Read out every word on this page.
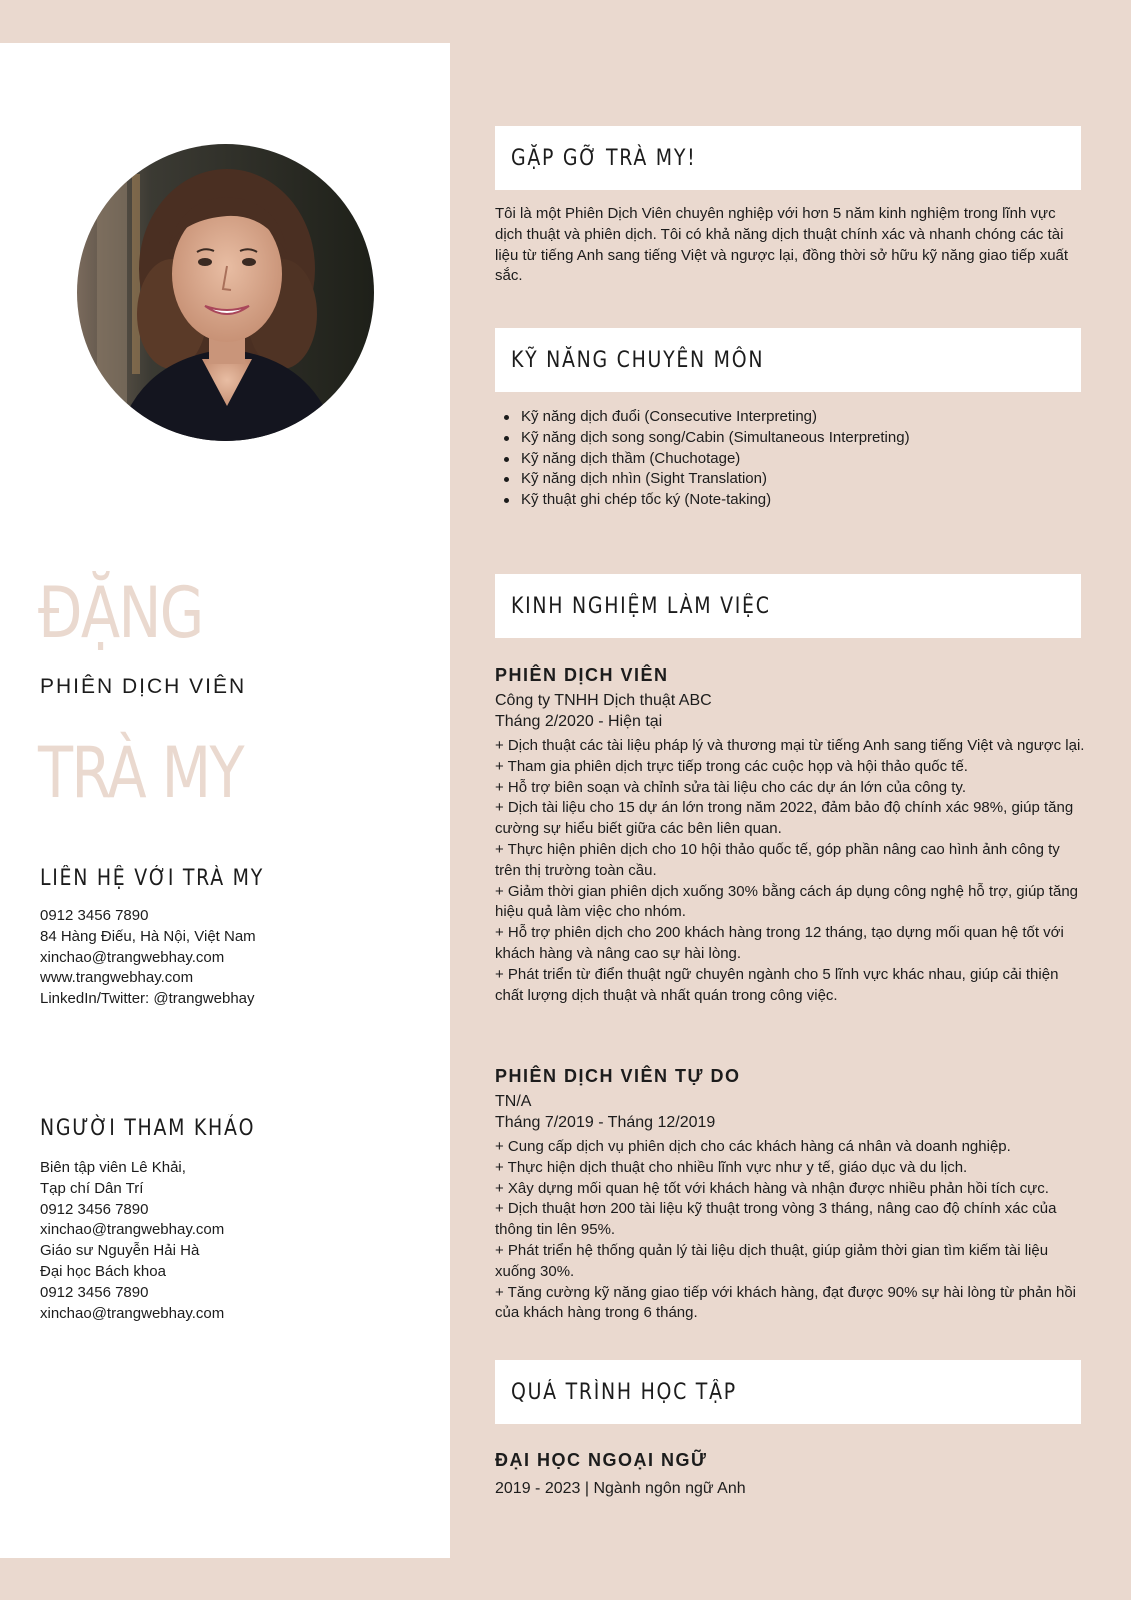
ĐẶNG

TRÀ MY

PHIÊN DỊCH VIÊN
LIÊN HỆ VỚI TRÀ MY
0912 3456 7890
84 Hàng Điếu, Hà Nội, Việt Nam
xinchao@trangwebhay.com
www.trangwebhay.com
LinkedIn/Twitter: @trangwebhay
NGƯỜI THAM KHẢO
Biên tập viên Lê Khải,
Tạp chí Dân Trí
0912 3456 7890
xinchao@trangwebhay.com
Giáo sư Nguyễn Hải Hà
Đại học Bách khoa
0912 3456 7890
xinchao@trangwebhay.com
GẶP GỠ TRÀ MY!
Tôi là một Phiên Dịch Viên chuyên nghiệp với hơn 5 năm kinh nghiệm trong lĩnh vực dịch thuật và phiên dịch. Tôi có khả năng dịch thuật chính xác và nhanh chóng các tài liệu từ tiếng Anh sang tiếng Việt và ngược lại, đồng thời sở hữu kỹ năng giao tiếp xuất sắc.
KỸ NĂNG CHUYÊN MÔN
Kỹ năng dịch đuổi (Consecutive Interpreting)
Kỹ năng dịch song song/Cabin (Simultaneous Interpreting)
Kỹ năng dịch thầm (Chuchotage)
Kỹ năng dịch nhìn (Sight Translation)
Kỹ thuật ghi chép tốc ký (Note-taking)
KINH NGHIỆM LÀM VIỆC
PHIÊN DỊCH VIÊN
Công ty TNHH Dịch thuật ABC
Tháng 2/2020 - Hiện tại
+ Dịch thuật các tài liệu pháp lý và thương mại từ tiếng Anh sang tiếng Việt và ngược lại.
+ Tham gia phiên dịch trực tiếp trong các cuộc họp và hội thảo quốc tế.
+ Hỗ trợ biên soạn và chỉnh sửa tài liệu cho các dự án lớn của công ty.
+ Dịch tài liệu cho 15 dự án lớn trong năm 2022, đảm bảo độ chính xác 98%, giúp tăng cường sự hiểu biết giữa các bên liên quan.
+ Thực hiện phiên dịch cho 10 hội thảo quốc tế, góp phần nâng cao hình ảnh công ty trên thị trường toàn cầu.
+ Giảm thời gian phiên dịch xuống 30% bằng cách áp dụng công nghệ hỗ trợ, giúp tăng hiệu quả làm việc cho nhóm.
+ Hỗ trợ phiên dịch cho 200 khách hàng trong 12 tháng, tạo dựng mối quan hệ tốt với khách hàng và nâng cao sự hài lòng.
+ Phát triển từ điển thuật ngữ chuyên ngành cho 5 lĩnh vực khác nhau, giúp cải thiện chất lượng dịch thuật và nhất quán trong công việc.
PHIÊN DỊCH VIÊN TỰ DO
TN/A
Tháng 7/2019 - Tháng 12/2019
+ Cung cấp dịch vụ phiên dịch cho các khách hàng cá nhân và doanh nghiệp.
+ Thực hiện dịch thuật cho nhiều lĩnh vực như y tế, giáo dục và du lịch.
+ Xây dựng mối quan hệ tốt với khách hàng và nhận được nhiều phản hồi tích cực.
+ Dịch thuật hơn 200 tài liệu kỹ thuật trong vòng 3 tháng, nâng cao độ chính xác của thông tin lên 95%.
+ Phát triển hệ thống quản lý tài liệu dịch thuật, giúp giảm thời gian tìm kiếm tài liệu xuống 30%.
+ Tăng cường kỹ năng giao tiếp với khách hàng, đạt được 90% sự hài lòng từ phản hồi của khách hàng trong 6 tháng.
QUÁ TRÌNH HỌC TẬP
ĐẠI HỌC NGOẠI NGỮ
2019 - 2023 | Ngành ngôn ngữ Anh
